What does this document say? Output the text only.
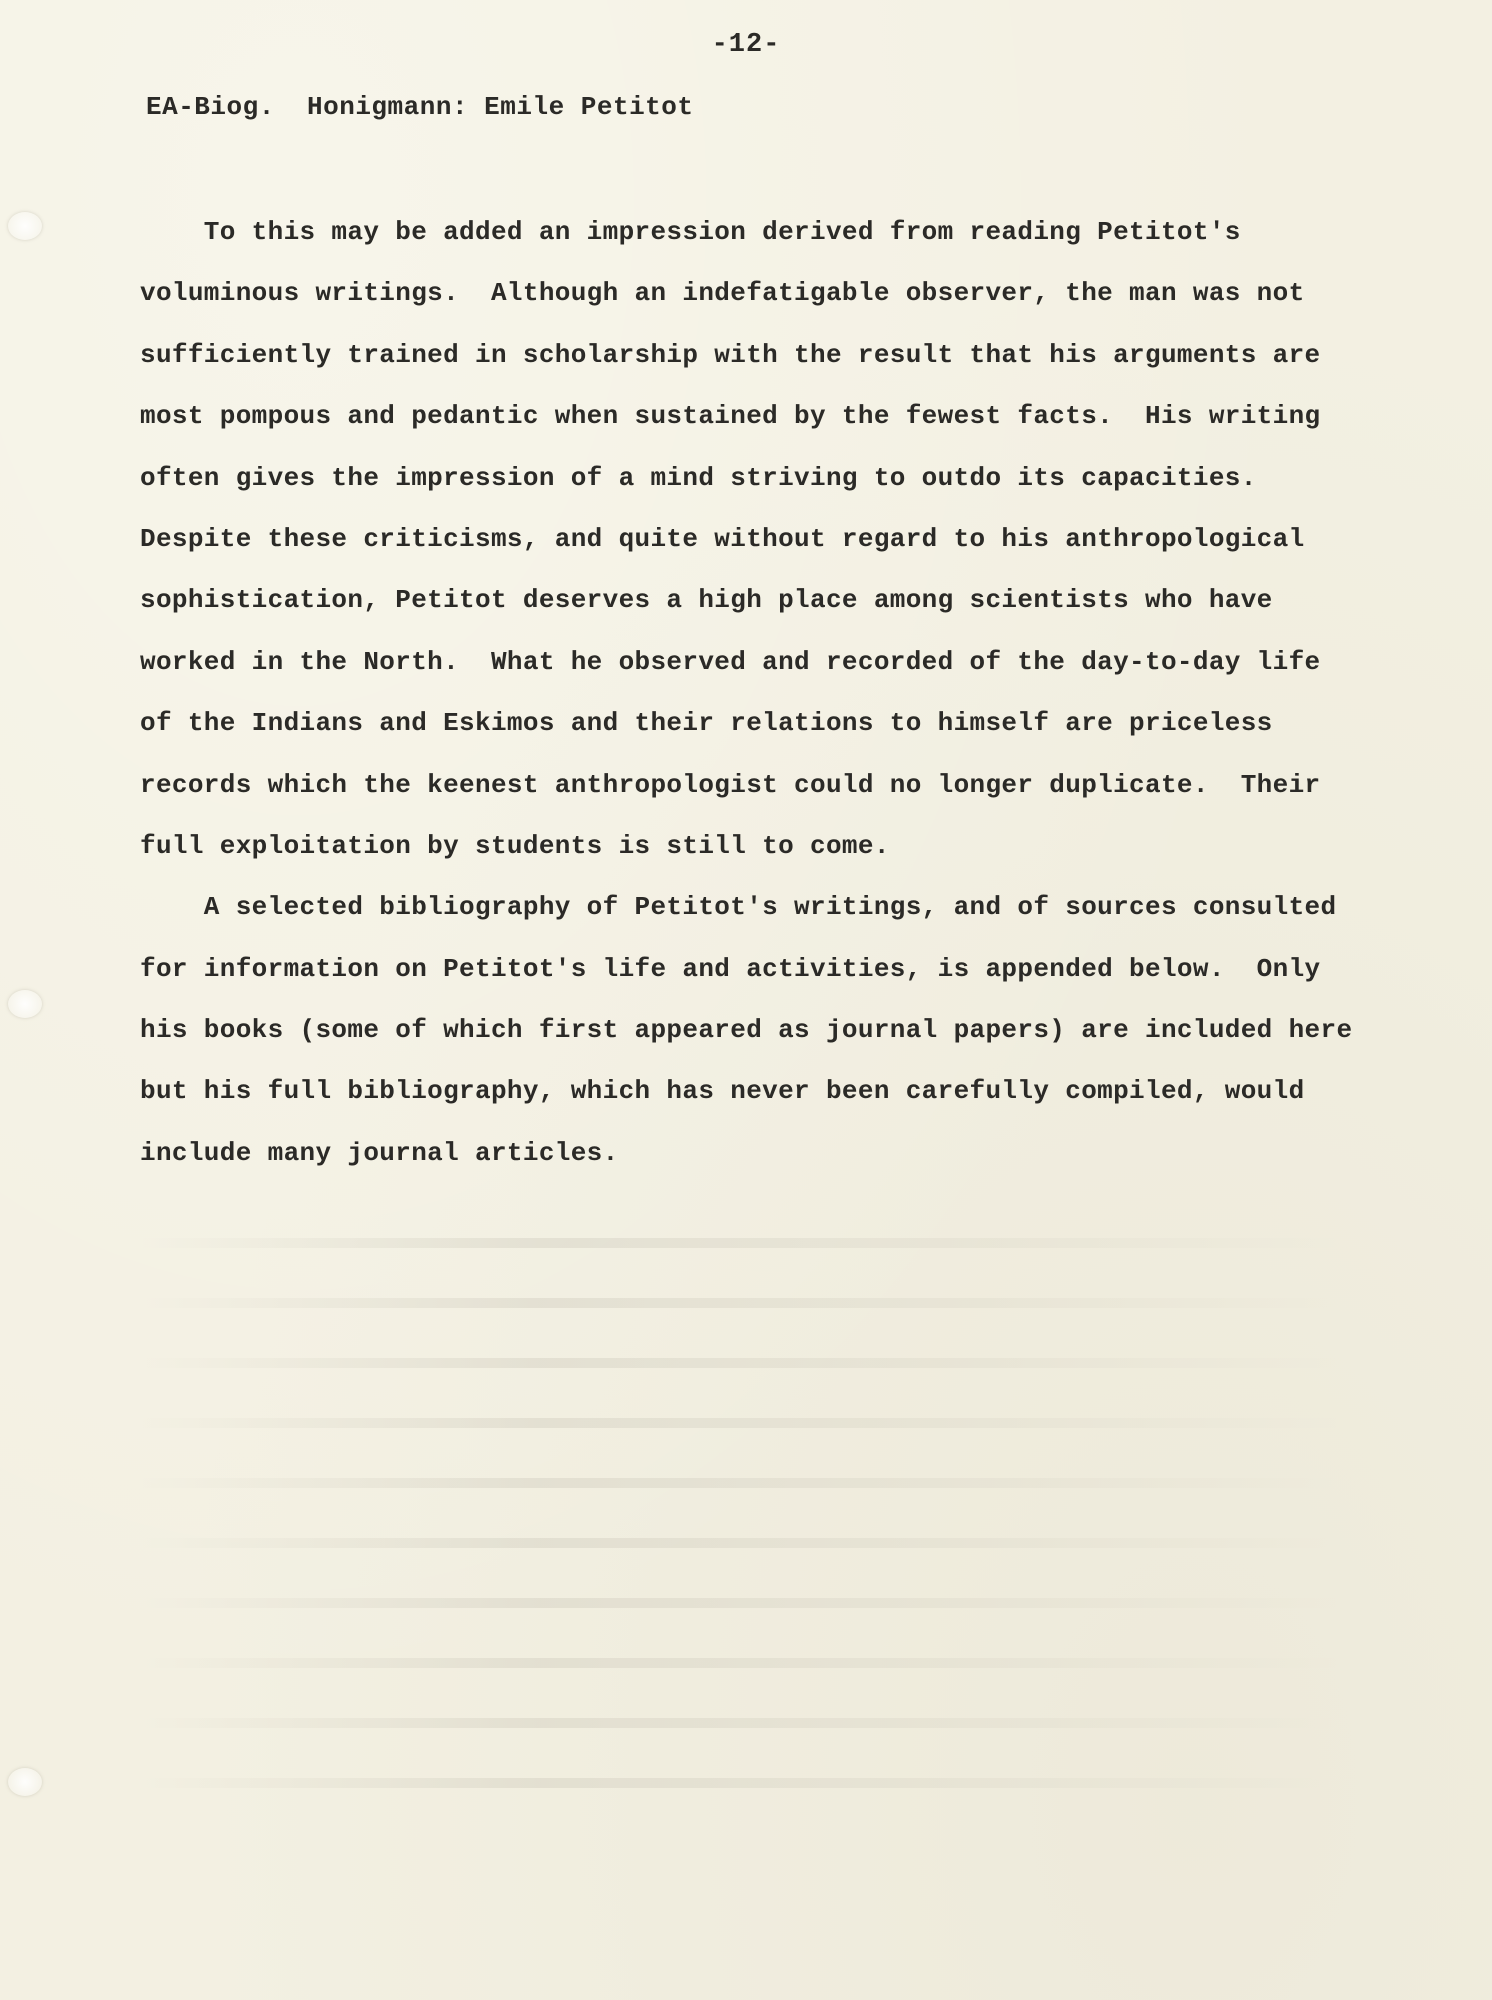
-12-
EA-Biog.  Honigmann: Emile Petitot
To this may be added an impression derived from reading Petitot's
voluminous writings.  Although an indefatigable observer, the man was not
sufficiently trained in scholarship with the result that his arguments are
most pompous and pedantic when sustained by the fewest facts.  His writing
often gives the impression of a mind striving to outdo its capacities.
Despite these criticisms, and quite without regard to his anthropological
sophistication, Petitot deserves a high place among scientists who have
worked in the North.  What he observed and recorded of the day-to-day life
of the Indians and Eskimos and their relations to himself are priceless
records which the keenest anthropologist could no longer duplicate.  Their
full exploitation by students is still to come.
A selected bibliography of Petitot's writings, and of sources consulted
for information on Petitot's life and activities, is appended below.  Only
his books (some of which first appeared as journal papers) are included here
but his full bibliography, which has never been carefully compiled, would
include many journal articles.
